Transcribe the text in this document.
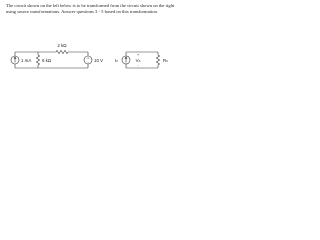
The circuit shown on the left below is to be transformed from the circuit shown on the right
using source transformations. Answer questions 3 - 5 based on this transformation.

1 mA 6 kΩ
2 kΩ
+
− 10 V	Iₙ
+
Vₙ
-
Rₙ
